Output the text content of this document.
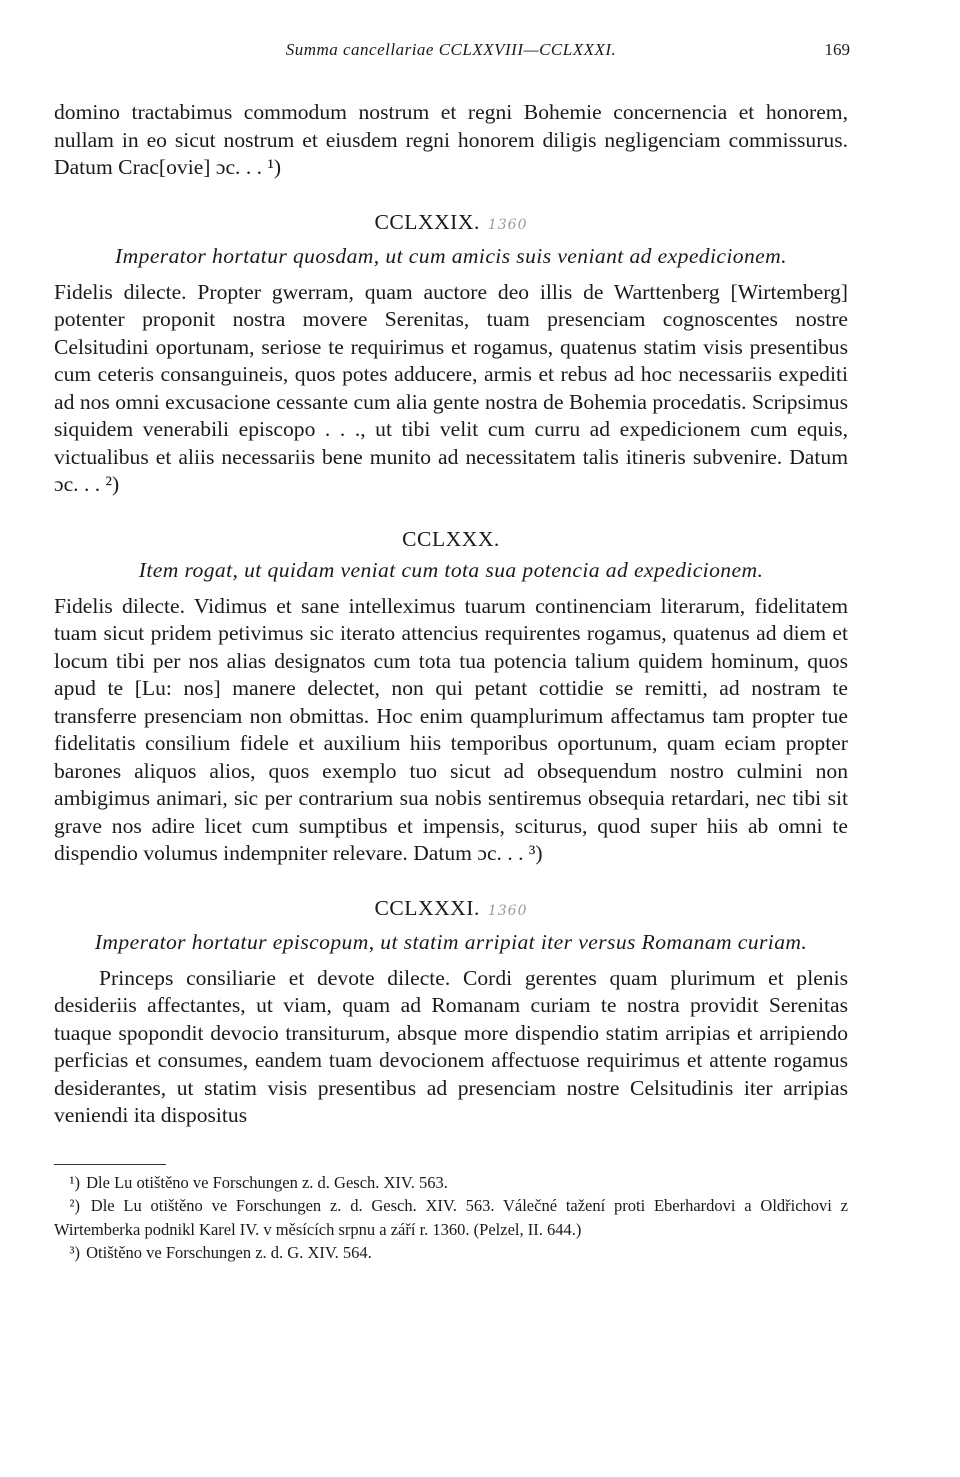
Summa cancellariae CCLXXVIII—CCLXXXI.	169

domino tractabimus commodum nostrum et regni Bohemie concernencia et honorem, nullam in eo sicut nostrum et eiusdem regni honorem diligis negligenciam commissurus. Datum Crac[ovie] ɔc. . . ¹)

CCLXXIX. 1360
Imperator hortatur quosdam, ut cum amicis suis veniant ad expedicionem.

Fidelis dilecte. Propter gwerram, quam auctore deo illis de Warttenberg [Wirtemberg] potenter proponit nostra movere Serenitas, tuam presenciam cognoscentes nostre Celsitudini oportunam, seriose te requirimus et rogamus, quatenus statim visis presentibus cum ceteris consanguineis, quos potes adducere, armis et rebus ad hoc necessariis expediti ad nos omni excusacione cessante cum alia gente nostra de Bohemia procedatis. Scripsimus siquidem venerabili episcopo . . ., ut tibi velit cum curru ad expedicionem cum equis, victualibus et aliis necessariis bene munito ad necessitatem talis itineris subvenire. Datum ɔc. . . ²)

CCLXXX.
Item rogat, ut quidam veniat cum tota sua potencia ad expedicionem.

Fidelis dilecte. Vidimus et sane intelleximus tuarum continenciam literarum, fidelitatem tuam sicut pridem petivimus sic iterato attencius requirentes rogamus, quatenus ad diem et locum tibi per nos alias designatos cum tota tua potencia talium quidem hominum, quos apud te [Lu: nos] manere delectet, non qui petant cottidie se remitti, ad nostram te transferre presenciam non obmittas. Hoc enim quamplurimum affectamus tam propter tue fidelitatis consilium fidele et auxilium hiis temporibus oportunum, quam eciam propter barones aliquos alios, quos exemplo tuo sicut ad obsequendum nostro culmini non ambigimus animari, sic per contrarium sua nobis sentiremus obsequia retardari, nec tibi sit grave nos adire licet cum sumptibus et impensis, sciturus, quod super hiis ab omni te dispendio volumus indempniter relevare. Datum ɔc. . . ³)

CCLXXXI. 1360
Imperator hortatur episcopum, ut statim arripiat iter versus Romanam curiam.

Princeps consiliarie et devote dilecte. Cordi gerentes quam plurimum et plenis desideriis affectantes, ut viam, quam ad Romanam curiam te nostra providit Serenitas tuaque spopondit devocio transiturum, absque more dispendio statim arripias et arripiendo perficias et consumes, eandem tuam devocionem affectuose requirimus et attente rogamus desiderantes, ut statim visis presentibus ad presenciam nostre Celsitudinis iter arripias veniendi ita dispositus

¹) Dle Lu otištěno ve Forschungen z. d. Gesch. XIV. 563.
²) Dle Lu otištěno ve Forschungen z. d. Gesch. XIV. 563. Válečné tažení proti Eberhardovi a Oldřichovi z Wirtemberka podnikl Karel IV. v měsících srpnu a září r. 1360. (Pelzel, II. 644.)
³) Otištěno ve Forschungen z. d. G. XIV. 564.
